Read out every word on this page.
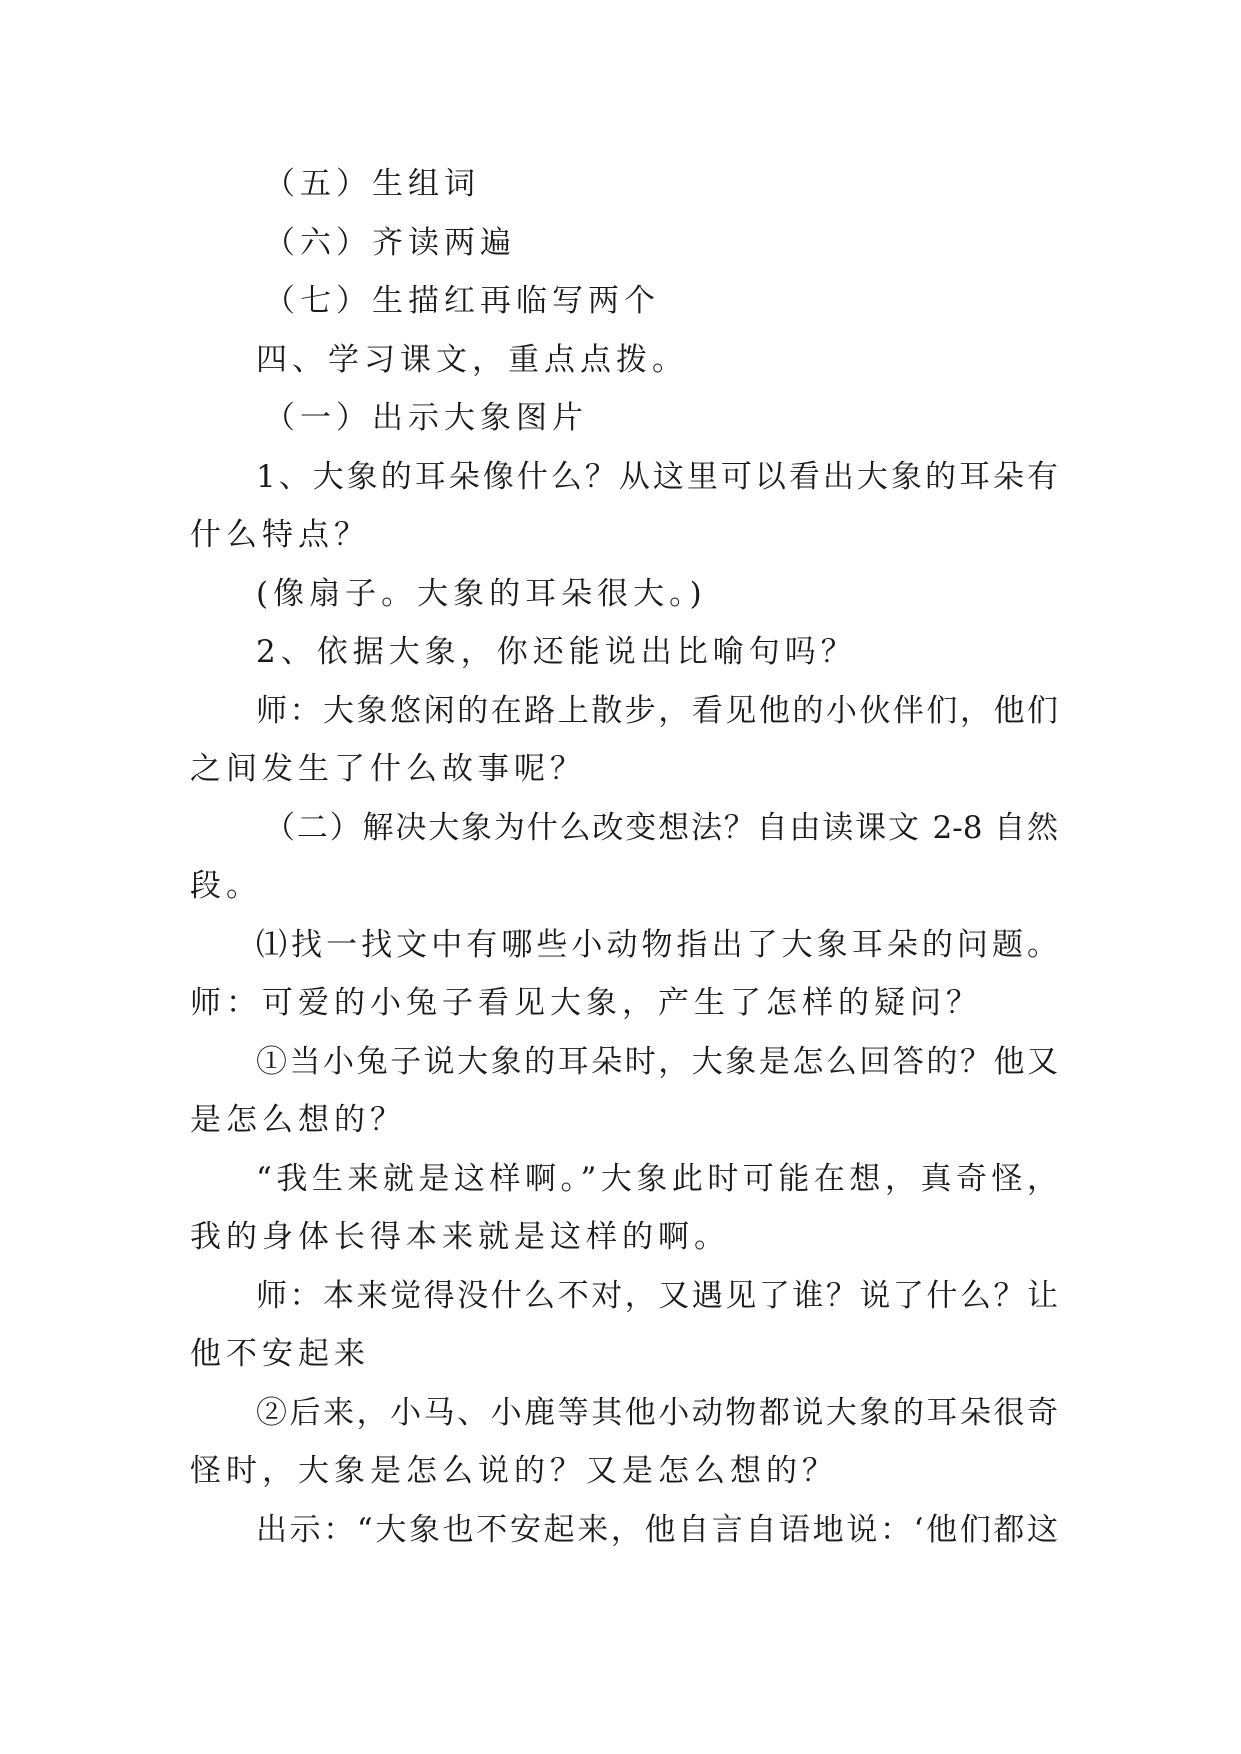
（五）生组词
（六）齐读两遍
（七）生描红再临写两个
四、学习课文，重点点拨。
（一）出示大象图片
1、大象的耳朵像什么？从这里可以看出大象的耳朵有
什么特点？
(像扇子。大象的耳朵很大。)
2、依据大象，你还能说出比喻句吗？
师：大象悠闲的在路上散步，看见他的小伙伴们，他们
之间发生了什么故事呢？
（二）解决大象为什么改变想法？自由读课文 2-8 自然
段。
⑴找一找文中有哪些小动物指出了大象耳朵的问题。
师：可爱的小兔子看见大象，产生了怎样的疑问？
①当小兔子说大象的耳朵时，大象是怎么回答的？他又
是怎么想的？
“我生来就是这样啊。”大象此时可能在想，真奇怪，
我的身体长得本来就是这样的啊。
师：本来觉得没什么不对，又遇见了谁？说了什么？让
他不安起来
②后来，小马、小鹿等其他小动物都说大象的耳朵很奇
怪时，大象是怎么说的？又是怎么想的？
出示：“大象也不安起来，他自言自语地说：‘他们都这
